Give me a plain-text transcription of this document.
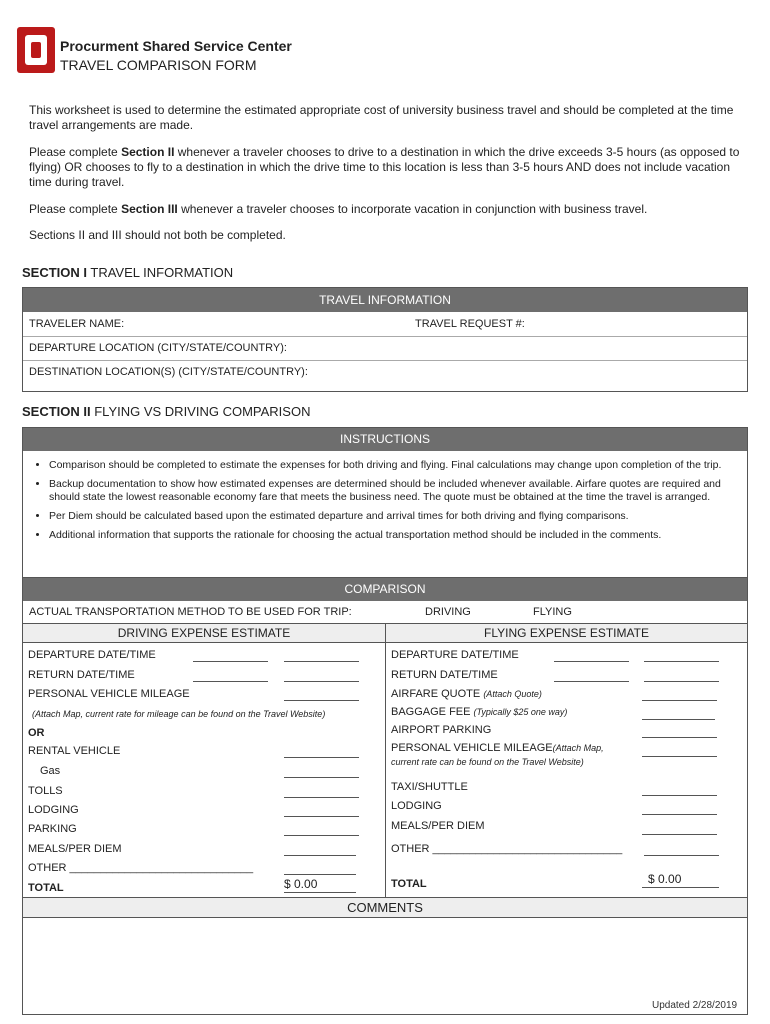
Procurment Shared Service Center
TRAVEL COMPARISON FORM
This worksheet is used to determine the estimated appropriate cost of university business travel and should be completed at the time travel arrangements are made.
Please complete Section II whenever a traveler chooses to drive to a destination in which the drive exceeds 3-5 hours (as opposed to flying) OR chooses to fly to a destination in which the drive time to this location is less than 3-5 hours AND does not include vacation time during travel.
Please complete Section III whenever a traveler chooses to incorporate vacation in conjunction with business travel.
Sections II and III should not both be completed.
SECTION I TRAVEL INFORMATION
TRAVEL INFORMATION
TRAVELER NAME:	TRAVEL REQUEST #:
DEPARTURE LOCATION (CITY/STATE/COUNTRY):
DESTINATION LOCATION(S) (CITY/STATE/COUNTRY):
SECTION II FLYING VS DRIVING COMPARISON
INSTRUCTIONS
• Comparison should be completed to estimate the expenses for both driving and flying. Final calculations may change upon completion of the trip.
• Backup documentation to show how estimated expenses are determined should be included whenever available. Airfare quotes are required and should state the lowest reasonable economy fare that meets the business need. The quote must be obtained at the time the travel is arranged.
• Per Diem should be calculated based upon the estimated departure and arrival times for both driving and flying comparisons.
• Additional information that supports the rationale for choosing the actual transportation method should be included in the comments.
COMPARISON
ACTUAL TRANSPORTATION METHOD TO BE USED FOR TRIP:	DRIVING	FLYING
DRIVING EXPENSE ESTIMATE	FLYING EXPENSE ESTIMATE
DEPARTURE DATE/TIME
RETURN DATE/TIME
PERSONAL VEHICLE MILEAGE
(Attach Map, current rate for mileage can be found on the Travel Website)
OR
RENTAL VEHICLE
Gas
TOLLS
LODGING
PARKING
MEALS/PER DIEM
OTHER ______________________________
TOTAL	$ 0.00
DEPARTURE DATE/TIME
RETURN DATE/TIME
AIRFARE QUOTE (Attach Quote)
BAGGAGE FEE (Typically $25 one way)
AIRPORT PARKING
PERSONAL VEHICLE MILEAGE(Attach Map,
current rate can be found on the Travel Website)
TAXI/SHUTTLE
LODGING
MEALS/PER DIEM
OTHER _______________________________
TOTAL	$ 0.00
COMMENTS
Updated 2/28/2019
